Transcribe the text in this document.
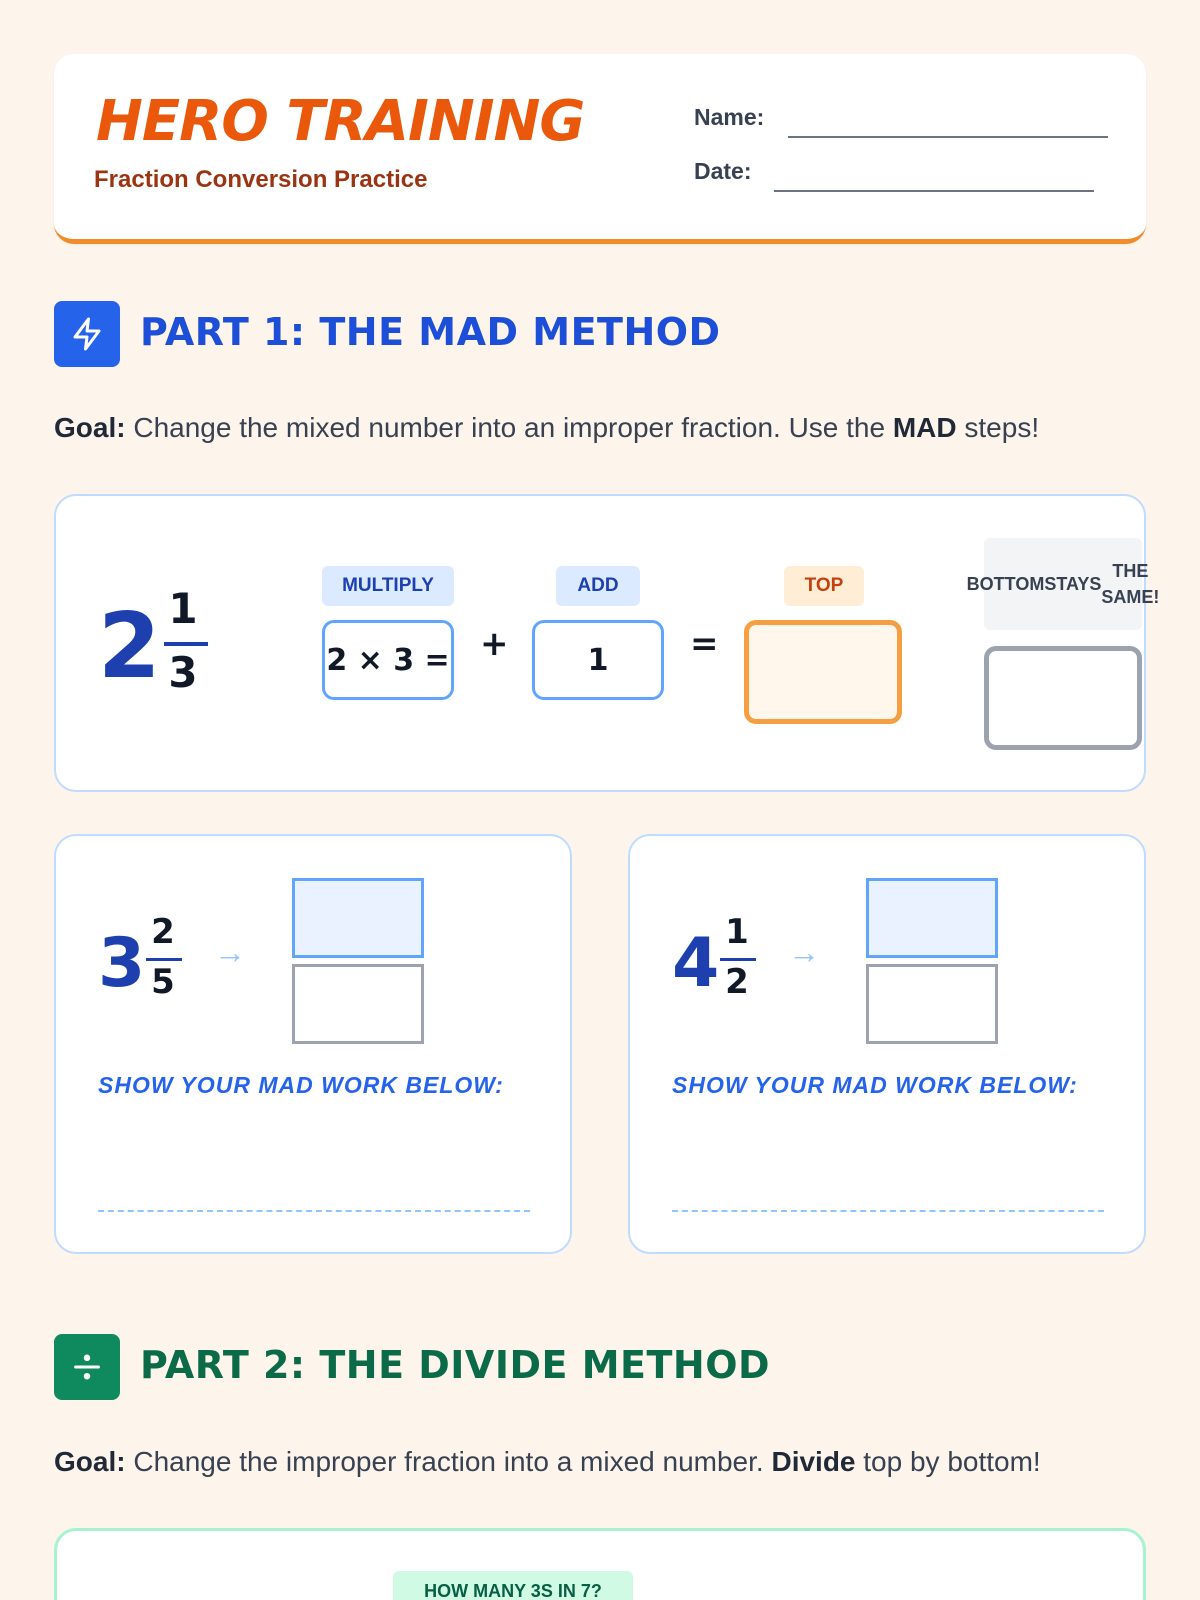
HERO TRAINING
Fraction Conversion Practice
Name:
Date:
PART 1: THE MAD METHOD
Goal: Change the mixed number into an improper fraction. Use the MAD steps!
2 1
3
MULTIPLY
2 × 3 = +
ADD
1	=
TOP	BOTTOM STAYS
THE SAME!
3 2
5
→
SHOW YOUR MAD WORK BELOW:
4 1
2
→
SHOW YOUR MAD WORK BELOW:
PART 2: THE DIVIDE METHOD
Goal: Change the improper fraction into a mixed number. Divide top by bottom!
HOW MANY 3S IN 7?
